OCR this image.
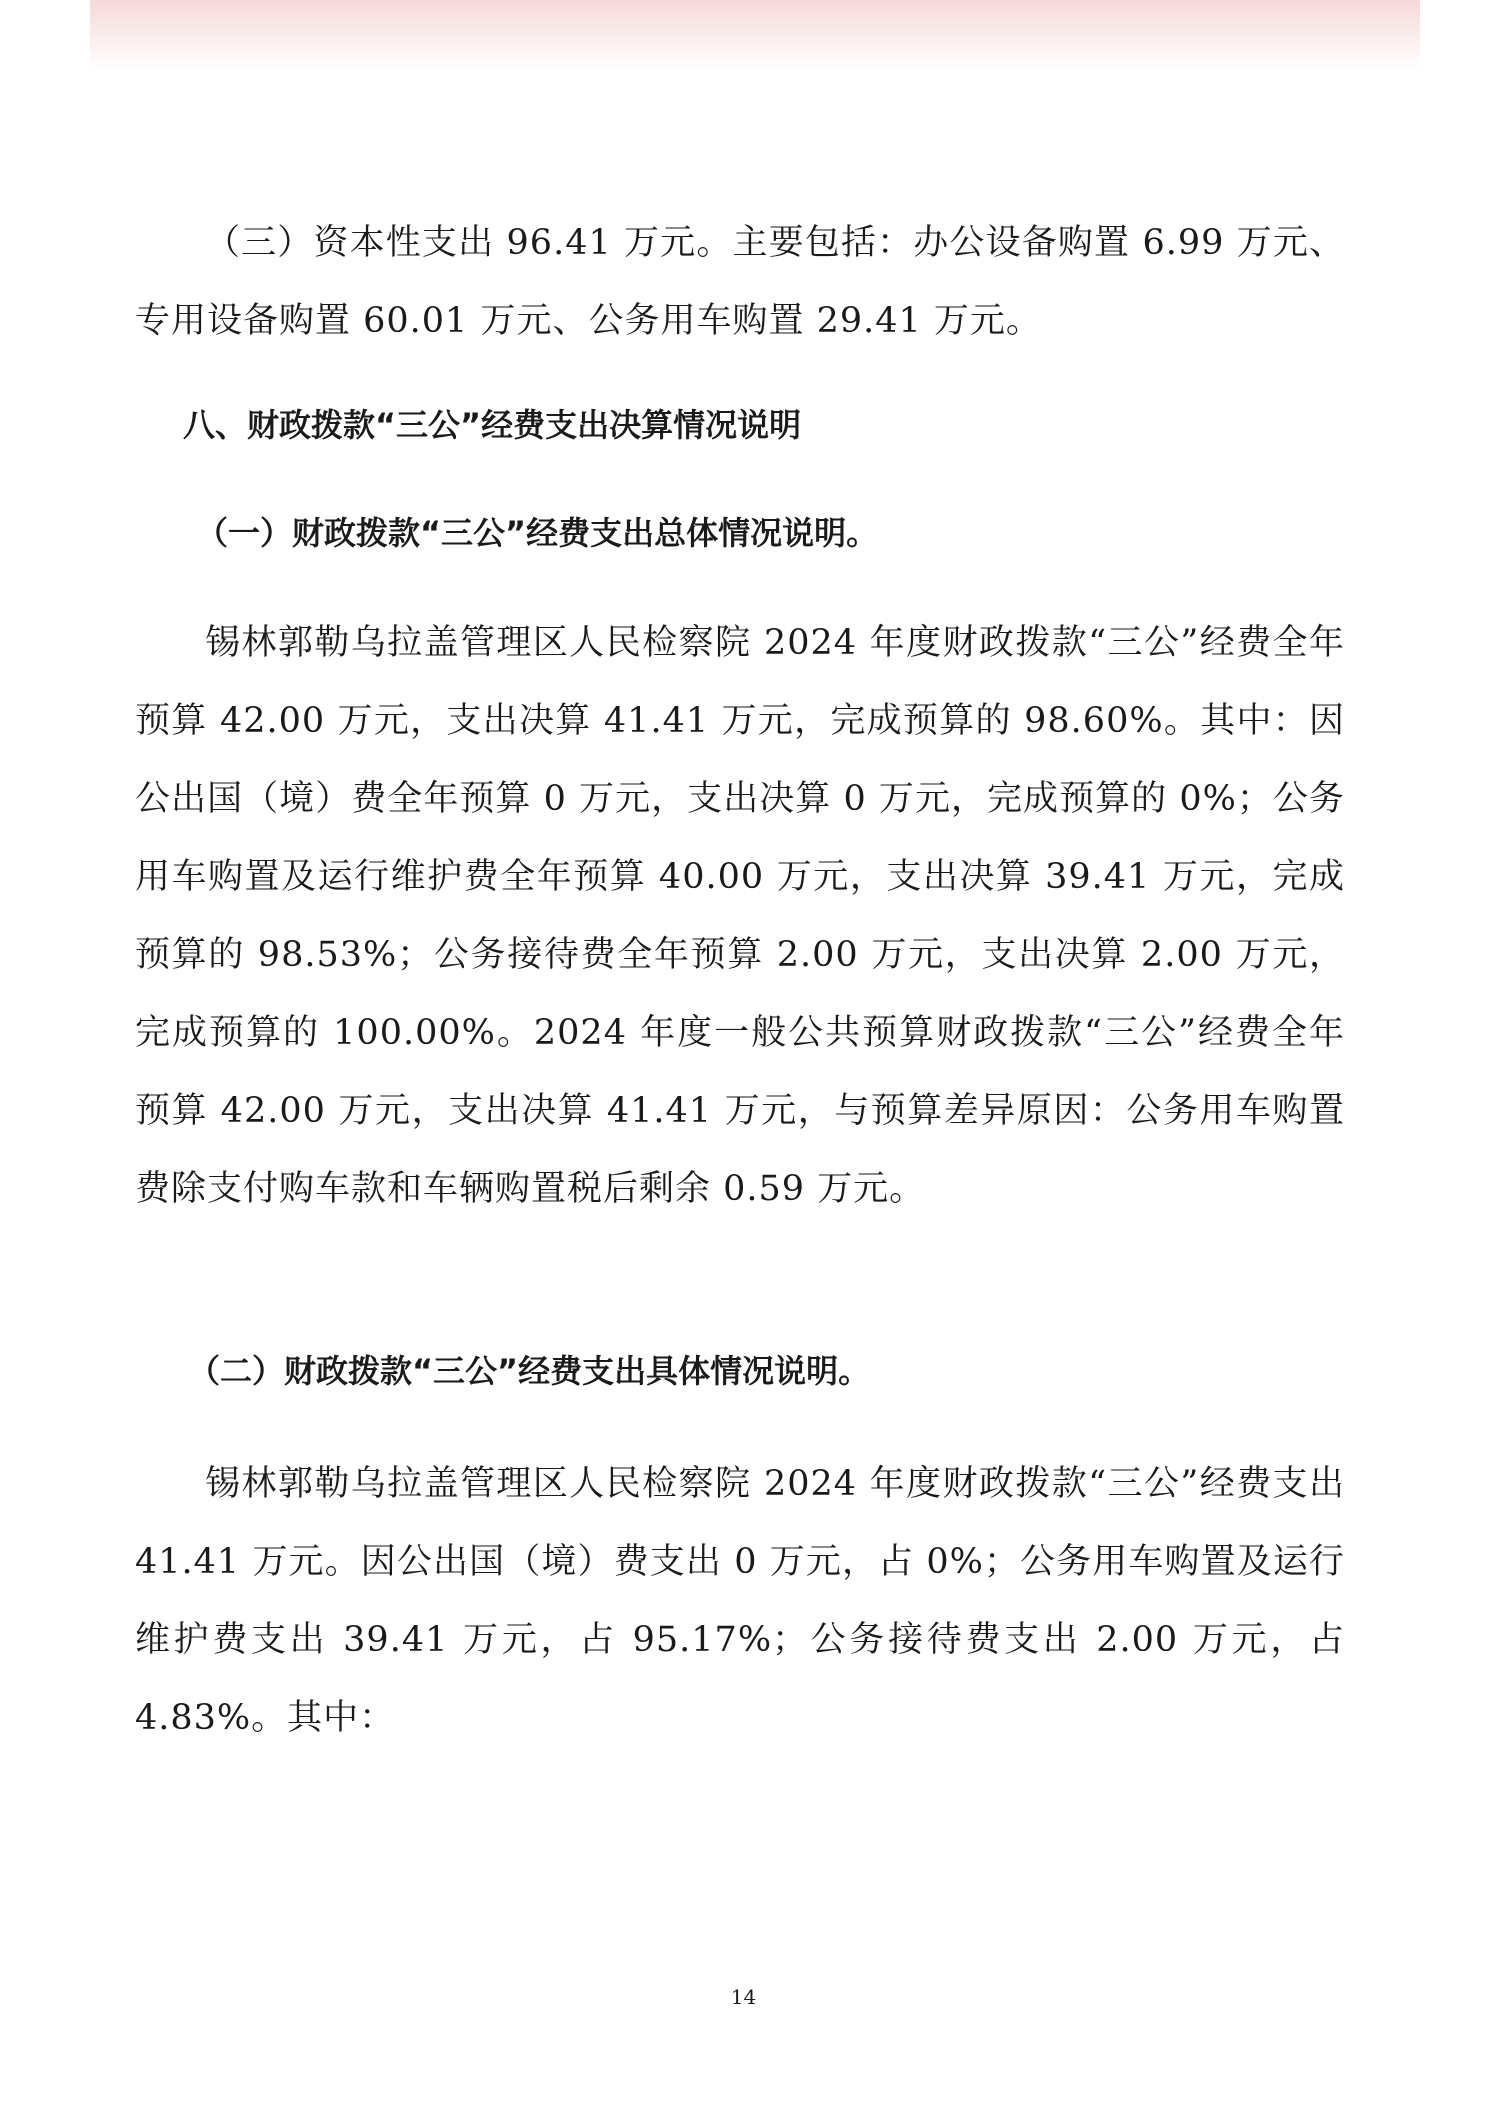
（三）资本性支出 96.41 万元。主要包括：办公设备购置 6.99 万元、专用设备购置 60.01 万元、公务用车购置 29.41 万元。

八、财政拨款“三公”经费支出决算情况说明
（一）财政拨款“三公”经费支出总体情况说明。

锡林郭勒乌拉盖管理区人民检察院 2024 年度财政拨款“三公”经费全年预算 42.00 万元，支出决算 41.41 万元，完成预算的 98.60%。其中：因公出国（境）费全年预算 0 万元，支出决算 0 万元，完成预算的 0%；公务用车购置及运行维护费全年预算 40.00 万元，支出决算 39.41 万元，完成预算的 98.53%；公务接待费全年预算 2.00 万元，支出决算 2.00 万元，完成预算的 100.00%。2024 年度一般公共预算财政拨款“三公”经费全年预算 42.00 万元，支出决算 41.41 万元，与预算差异原因：公务用车购置费除支付购车款和车辆购置税后剩余 0.59 万元。

（二）财政拨款“三公”经费支出具体情况说明。

锡林郭勒乌拉盖管理区人民检察院 2024 年度财政拨款“三公”经费支出 41.41 万元。因公出国（境）费支出 0 万元，占 0%；公务用车购置及运行维护费支出 39.41 万元，占 95.17%；公务接待费支出 2.00 万元，占 4.83%。其中：

14
